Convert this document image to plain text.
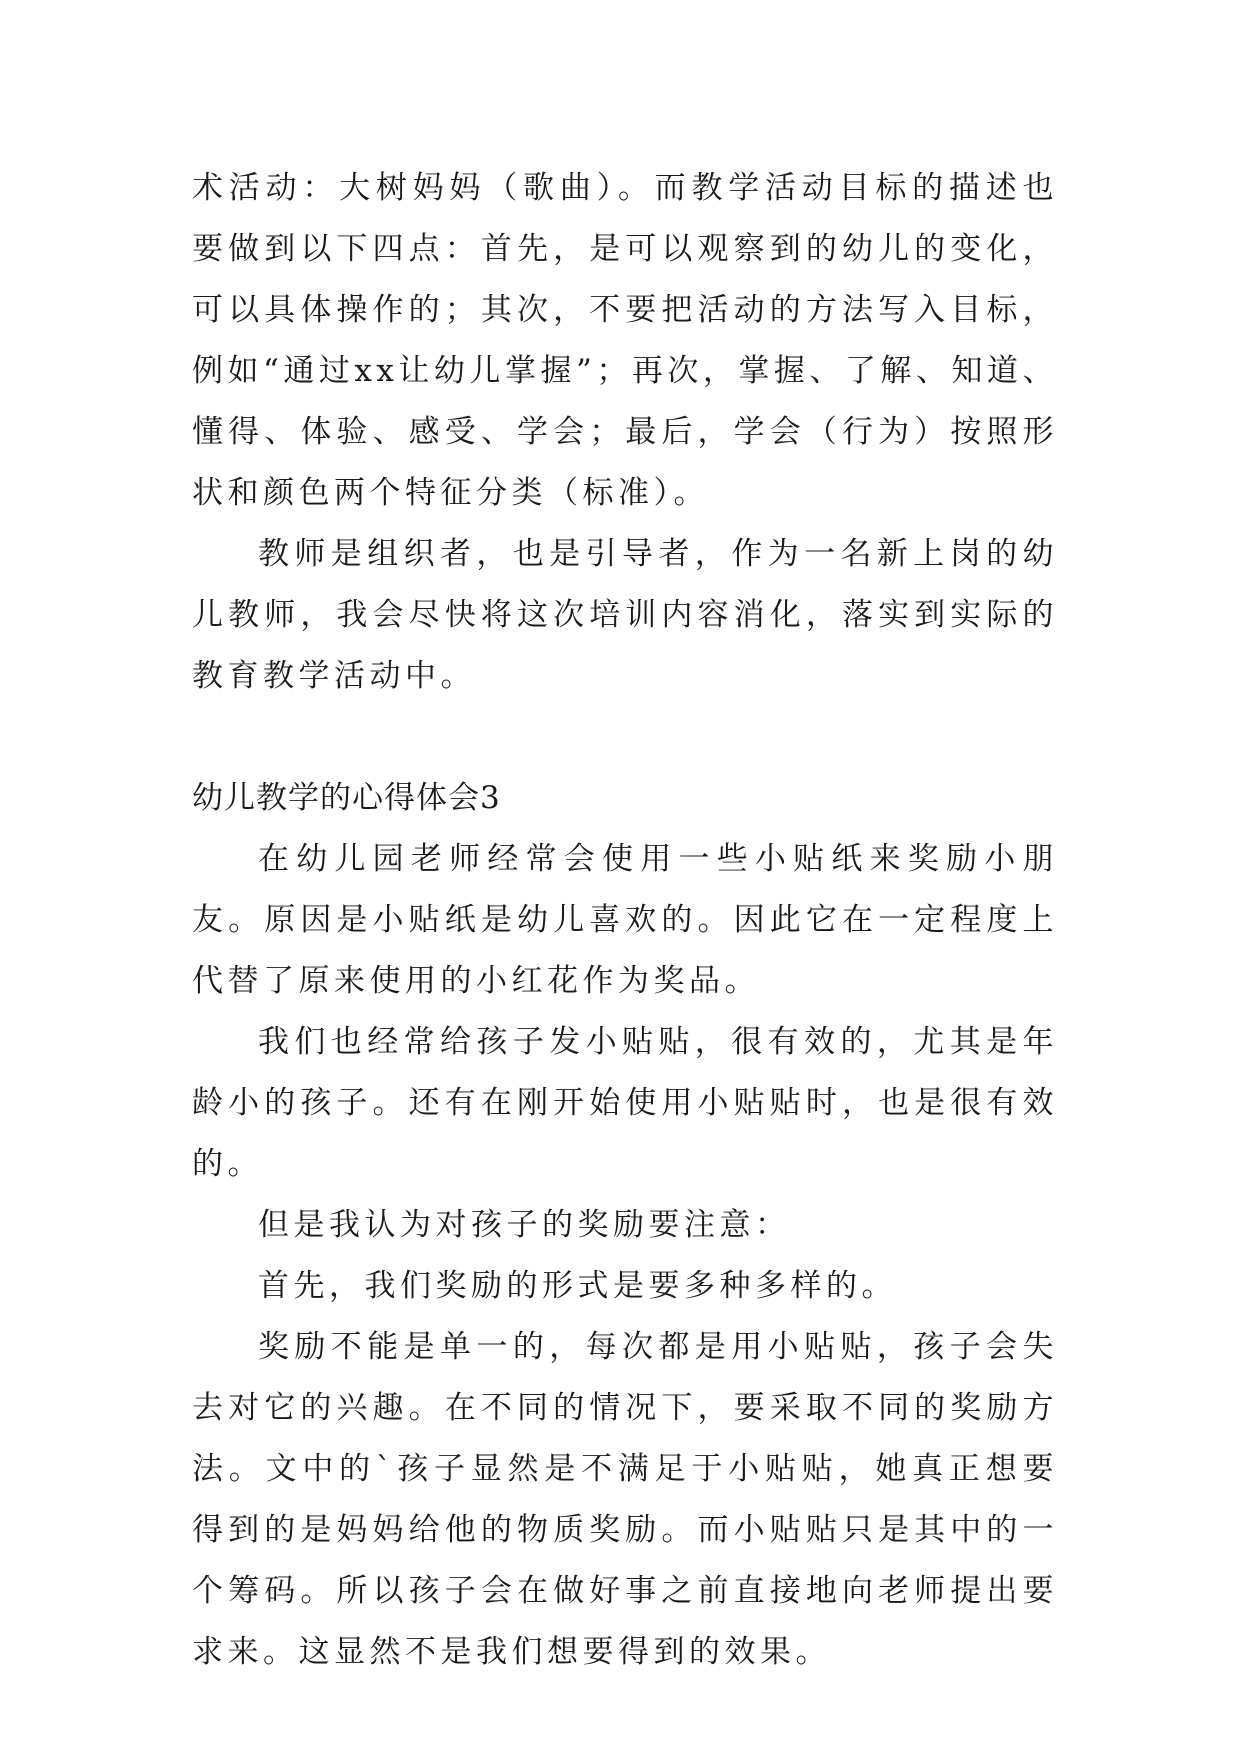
术活动：大树妈妈（歌曲）。而教学活动目标的描述也要做到以下四点：首先，是可以观察到的幼儿的变化，可以具体操作的；其次，不要把活动的方法写入目标，例如“通过xx让幼儿掌握”；再次，掌握、了解、知道、懂得、体验、感受、学会；最后，学会（行为）按照形状和颜色两个特征分类（标准）。

教师是组织者，也是引导者，作为一名新上岗的幼儿教师，我会尽快将这次培训内容消化，落实到实际的教育教学活动中。

幼儿教学的心得体会3

在幼儿园老师经常会使用一些小贴纸来奖励小朋友。原因是小贴纸是幼儿喜欢的。因此它在一定程度上代替了原来使用的小红花作为奖品。

我们也经常给孩子发小贴贴，很有效的，尤其是年龄小的孩子。还有在刚开始使用小贴贴时，也是很有效的。

但是我认为对孩子的奖励要注意：

首先，我们奖励的形式是要多种多样的。

奖励不能是单一的，每次都是用小贴贴，孩子会失去对它的兴趣。在不同的情况下，要采取不同的奖励方法。文中的`孩子显然是不满足于小贴贴，她真正想要得到的是妈妈给他的物质奖励。而小贴贴只是其中的一个筹码。所以孩子会在做好事之前直接地向老师提出要求来。这显然不是我们想要得到的效果。
